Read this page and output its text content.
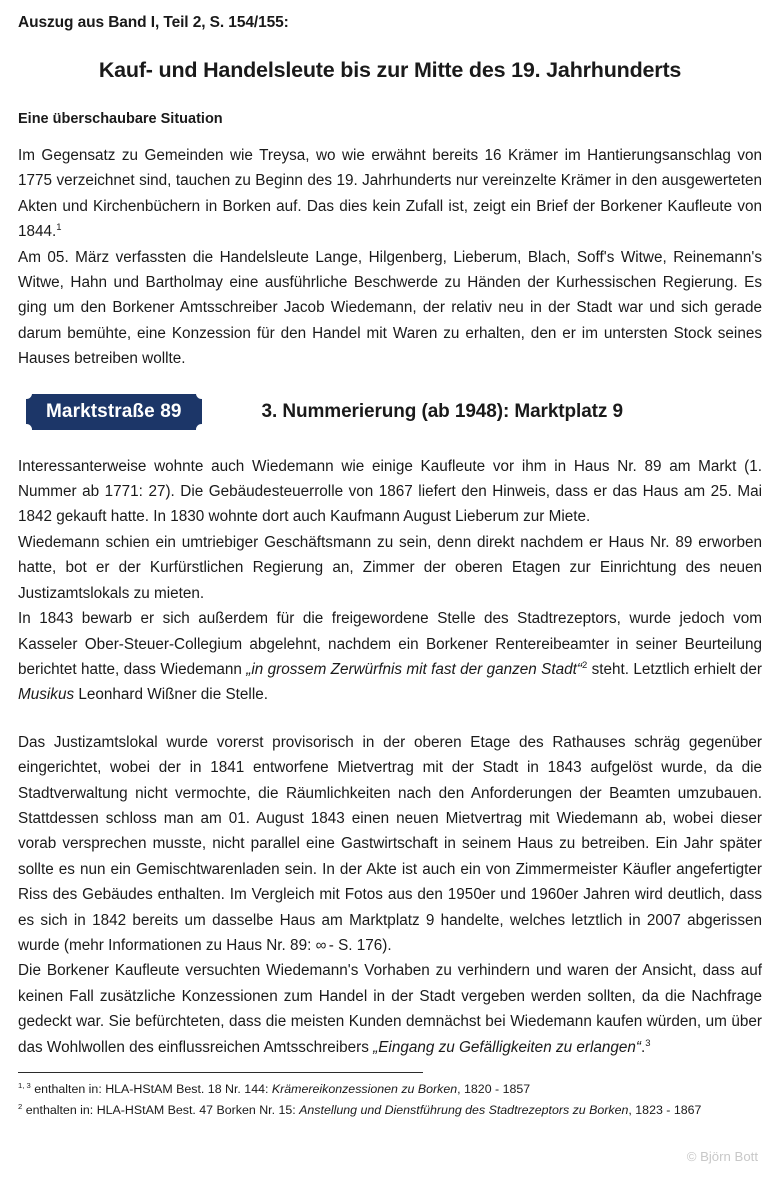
Auszug aus Band I, Teil 2, S. 154/155:
Kauf- und Handelsleute bis zur Mitte des 19. Jahrhunderts
Eine überschaubare Situation

Im Gegensatz zu Gemeinden wie Treysa, wo wie erwähnt bereits 16 Krämer im Hantierungsanschlag von 1775 verzeichnet sind, tauchen zu Beginn des 19. Jahrhunderts nur vereinzelte Krämer in den ausgewerteten Akten und Kirchenbüchern in Borken auf. Das dies kein Zufall ist, zeigt ein Brief der Borkener Kaufleute von 1844.$^1$

Am 05. März verfassten die Handelsleute Lange, Hilgenberg, Lieberum, Blach, Soff's Witwe, Reinemann's Witwe, Hahn und Bartholmay eine ausführliche Beschwerde zu Händen der Kurhessischen Regierung. Es ging um den Borkener Amtsschreiber Jacob Wiedemann, der relativ neu in der Stadt war und sich gerade darum bemühte, eine Konzession für den Handel mit Waren zu erhalten, den er im untersten Stock seines Hauses betreiben wollte.

Marktstraße 89	3. Nummerierung (ab 1948): Marktplatz 9

Interessanterweise wohnte auch Wiedemann wie einige Kaufleute vor ihm in Haus Nr. 89 am Markt (1. Nummer ab 1771: 27). Die Gebäudesteuerrolle von 1867 liefert den Hinweis, dass er das Haus am 25. Mai 1842 gekauft hatte. In 1830 wohnte dort auch Kaufmann August Lieberum zur Miete.

Wiedemann schien ein umtriebiger Geschäftsmann zu sein, denn direkt nachdem er Haus Nr. 89 erworben hatte, bot er der Kurfürstlichen Regierung an, Zimmer der oberen Etagen zur Einrichtung des neuen Justizamtslokals zu mieten.

In 1843 bewarb er sich außerdem für die freigewordene Stelle des Stadtrezeptors, wurde jedoch vom Kasseler Ober-Steuer-Collegium abgelehnt, nachdem ein Borkener Rentereibeamter in seiner Beurteilung berichtet hatte, dass Wiedemann „in grossem Zerwürfnis mit fast der ganzen Stadt“$^2$ steht. Letztlich erhielt der Musikus Leonhard Wißner die Stelle.

Das Justizamtslokal wurde vorerst provisorisch in der oberen Etage des Rathauses schräg gegenüber eingerichtet, wobei der in 1841 entworfene Mietvertrag mit der Stadt in 1843 aufgelöst wurde, da die Stadtverwaltung nicht vermochte, die Räumlichkeiten nach den Anforderungen der Beamten umzubauen. Stattdessen schloss man am 01. August 1843 einen neuen Mietvertrag mit Wiedemann ab, wobei dieser vorab versprechen musste, nicht parallel eine Gastwirtschaft in seinem Haus zu betreiben. Ein Jahr später sollte es nun ein Gemischtwarenladen sein. In der Akte ist auch ein von Zimmermeister Käufler angefertigter Riss des Gebäudes enthalten. Im Vergleich mit Fotos aus den 1950er und 1960er Jahren wird deutlich, dass es sich in 1842 bereits um dasselbe Haus am Marktplatz 9 handelte, welches letztlich in 2007 abgerissen wurde (mehr Informationen zu Haus Nr. 89: ∞ - S. 176).

Die Borkener Kaufleute versuchten Wiedemann's Vorhaben zu verhindern und waren der Ansicht, dass auf keinen Fall zusätzliche Konzessionen zum Handel in der Stadt vergeben werden sollten, da die Nachfrage gedeckt war. Sie befürchteten, dass die meisten Kunden demnächst bei Wiedemann kaufen würden, um über das Wohlwollen des einflussreichen Amtsschreibers „Eingang zu Gefälligkeiten zu erlangen“.$^3$

$^{1, 3}$ enthalten in: HLA-HStAM Best. 18 Nr. 144: Krämereikonzessionen zu Borken, 1820 - 1857
$^2$ enthalten in: HLA-HStAM Best. 47 Borken Nr. 15: Anstellung und Dienstführung des Stadtrezeptors zu Borken, 1823 - 1867
© Björn Bott
